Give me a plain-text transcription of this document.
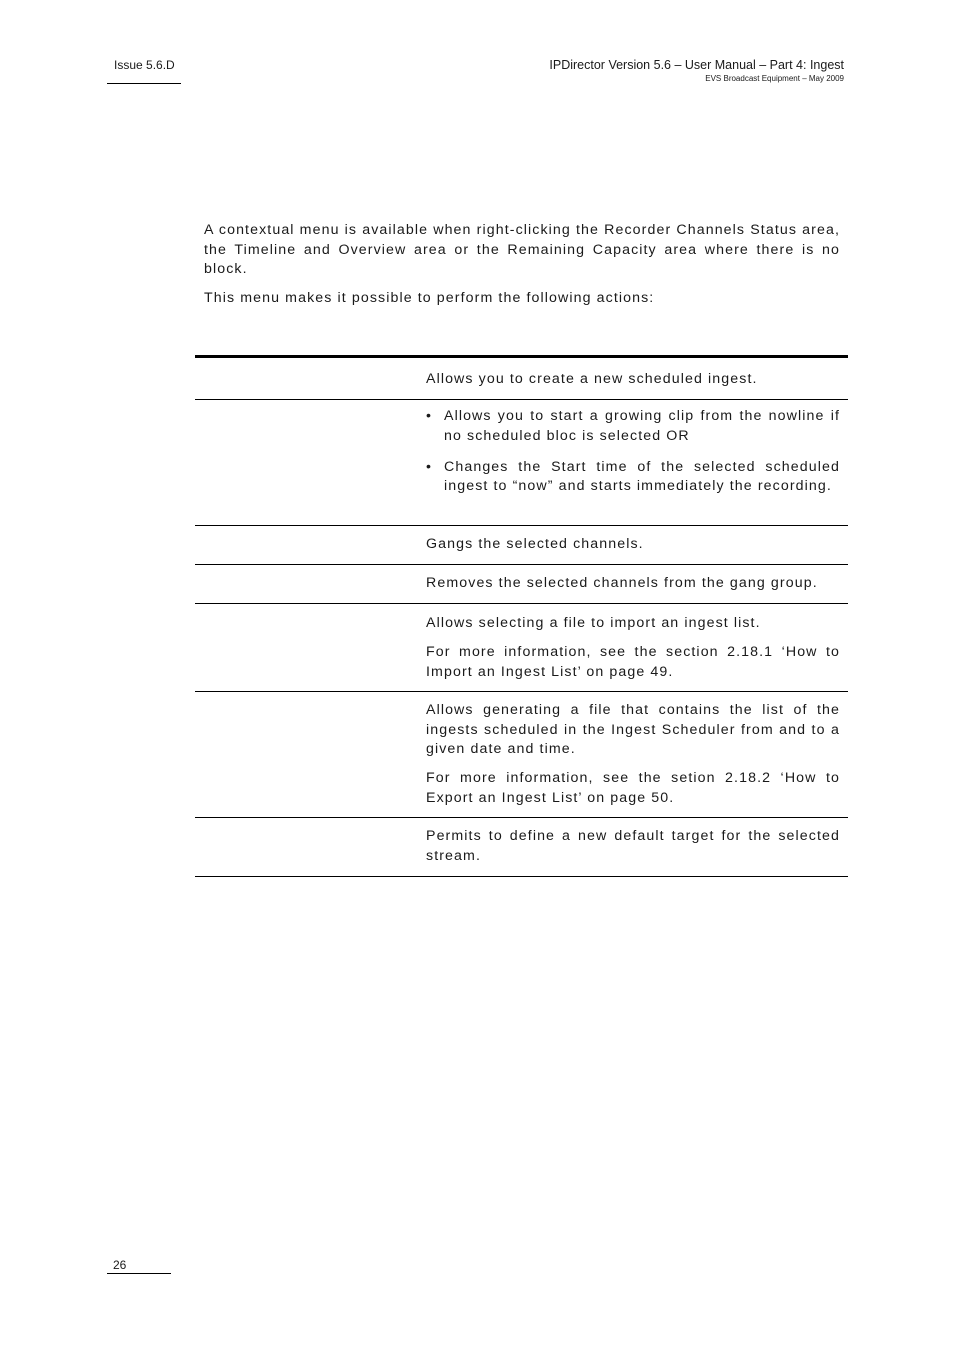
Issue 5.6.D	IPDirector Version 5.6 – User Manual – Part 4: Ingest
EVS Broadcast Equipment – May 2009

A contextual menu is available when right-clicking the Recorder Channels Status area, the Timeline and Overview area or the Remaining Capacity area where there is no block.

This menu makes it possible to perform the following actions:

Allows you to create a new scheduled ingest.

• Allows you to start a growing clip from the nowline if no scheduled bloc is selected OR
• Changes the Start time of the selected scheduled ingest to “now” and starts immediately the recording.

Gangs the selected channels.

Removes the selected channels from the gang group.

Allows selecting a file to import an ingest list.

For more information, see the section 2.18.1 ‘How to Import an Ingest List’ on page 49.

Allows generating a file that contains the list of the ingests scheduled in the Ingest Scheduler from and to a given date and time.

For more information, see the setion 2.18.2 ‘How to Export an Ingest List’ on page 50.

Permits to define a new default target for the selected stream.

26
